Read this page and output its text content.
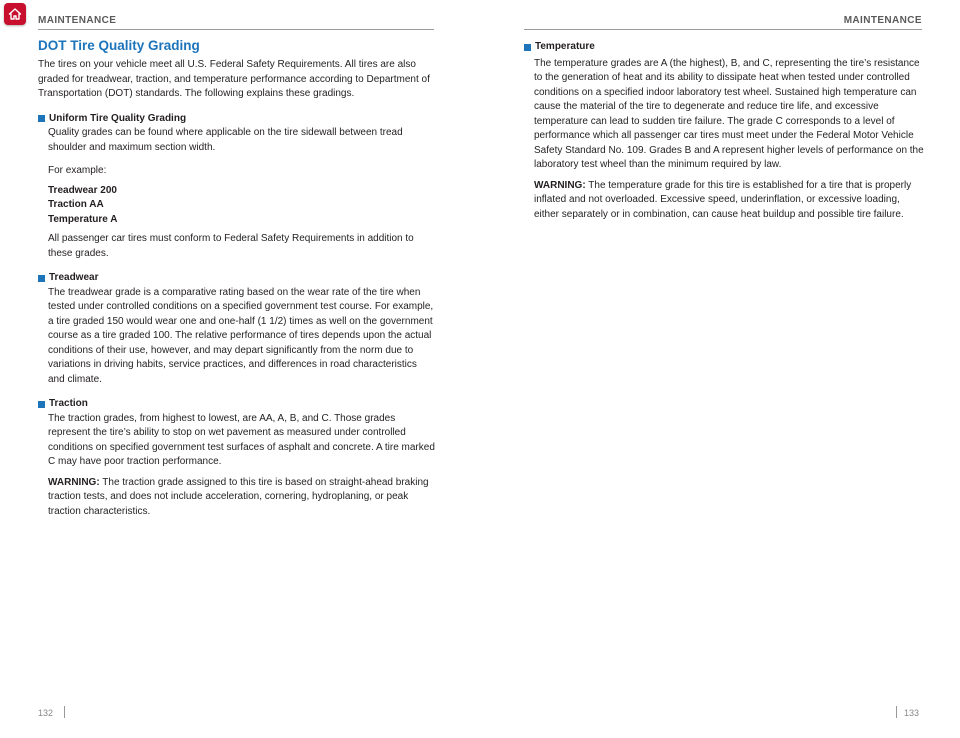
MAINTENANCE
DOT Tire Quality Grading

The tires on your vehicle meet all U.S. Federal Safety Requirements. All tires are also graded for treadwear, traction, and temperature performance according to Department of Transportation (DOT) standards. The following explains these gradings.

Uniform Tire Quality Grading

Quality grades can be found where applicable on the tire sidewall between tread shoulder and maximum section width.

For example:

Treadwear 200

Traction AA

Temperature A

All passenger car tires must conform to Federal Safety Requirements in addition to these grades.

Treadwear

The treadwear grade is a comparative rating based on the wear rate of the tire when tested under controlled conditions on a specified government test course. For example, a tire graded 150 would wear one and one-half (1 1/2) times as well on the government course as a tire graded 100. The relative performance of tires depends upon the actual conditions of their use, however, and may depart significantly from the norm due to variations in driving habits, service practices, and differences in road characteristics and climate.

Traction

The traction grades, from highest to lowest, are AA, A, B, and C. Those grades represent the tire’s ability to stop on wet pavement as measured under controlled conditions on specified government test surfaces of asphalt and concrete. A tire marked C may have poor traction performance.

WARNING: The traction grade assigned to this tire is based on straight-ahead braking traction tests, and does not include acceleration, cornering, hydroplaning, or peak traction characteristics.

132
MAINTENANCE

Temperature

The temperature grades are A (the highest), B, and C, representing the tire’s resistance to the generation of heat and its ability to dissipate heat when tested under controlled conditions on a specified indoor laboratory test wheel. Sustained high temperature can cause the material of the tire to degenerate and reduce tire life, and excessive temperature can lead to sudden tire failure. The grade C corresponds to a level of performance which all passenger car tires must meet under the Federal Motor Vehicle Safety Standard No. 109. Grades B and A represent higher levels of performance on the laboratory test wheel than the minimum required by law.

WARNING: The temperature grade for this tire is established for a tire that is properly inflated and not overloaded. Excessive speed, underinflation, or excessive loading, either separately or in combination, can cause heat buildup and possible tire failure.

133
